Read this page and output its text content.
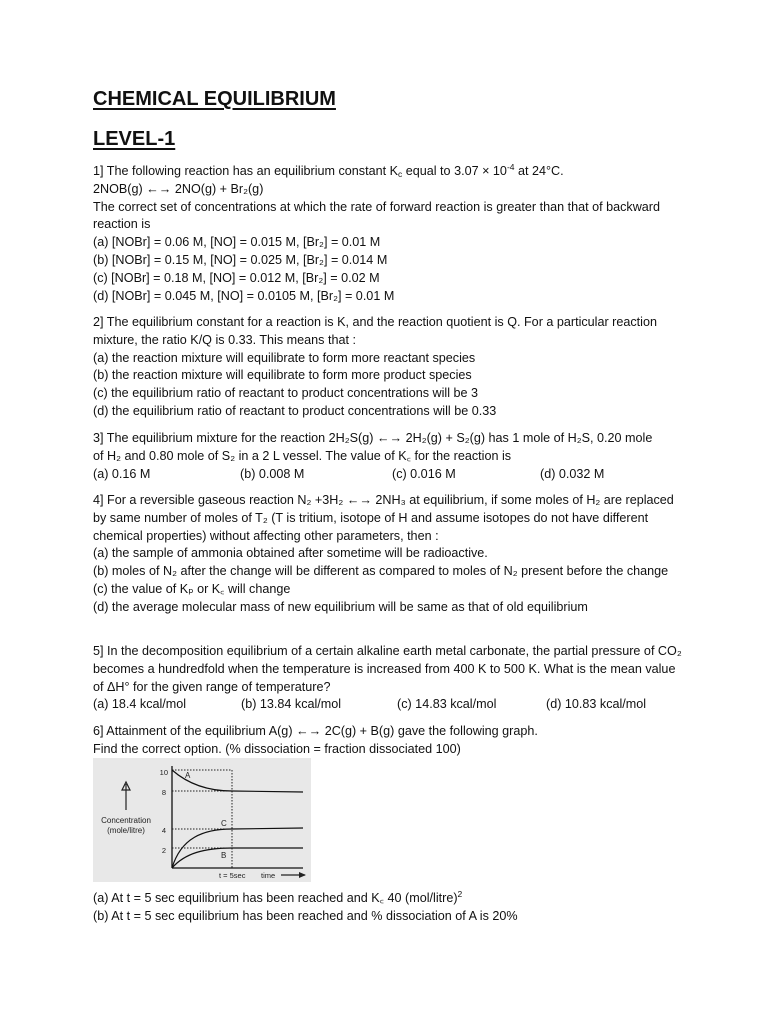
CHEMICAL EQUILIBRIUM
LEVEL-1
1] The following reaction has an equilibrium constant $K_c$ equal to $3.07 \times 10^{-4}$ at 24°C.
2NOB(g) ←→ 2NO(g) + Br₂(g)
The correct set of concentrations at which the rate of forward reaction is greater than that of backward reaction is
(a) [NOBr] = 0.06 M, [NO] = 0.015 M, [Br₂] = 0.01 M
(b) [NOBr] = 0.15 M, [NO] = 0.025 M, [Br₂] = 0.014 M
(c) [NOBr] = 0.18 M, [NO] = 0.012 M, [Br₂] = 0.02 M
(d) [NOBr] = 0.045 M, [NO] = 0.0105 M, [Br₂] = 0.01 M
2] The equilibrium constant for a reaction is K, and the reaction quotient is Q. For a particular reaction mixture, the ratio K/Q is 0.33. This means that :
(a) the reaction mixture will equilibrate to form more reactant species
(b) the reaction mixture will equilibrate to form more product species
(c) the equilibrium ratio of reactant to product concentrations will be 3
(d) the equilibrium ratio of reactant to product concentrations will be 0.33
3] The equilibrium mixture for the reaction 2H₂S(g) ←→ 2H₂(g) + S₂(g) has 1 mole of H₂S, 0.20 mole
of H₂ and 0.80 mole of S₂ in a 2 L vessel. The value of K꜀ for the reaction is
(a) 0.16 M	(b) 0.008 M	(c) 0.016 M	(d) 0.032 M
4] For a reversible gaseous reaction N₂ +3H₂ ←→ 2NH₃ at equilibrium, if some moles of H₂ are replaced by same number of moles of T₂ (T is tritium, isotope of H and assume isotopes do not have different chemical properties) without affecting other parameters, then :
(a) the sample of ammonia obtained after sometime will be radioactive.
(b) moles of N₂ after the change will be different as compared to moles of N₂ present before the change
(c) the value of Kₚ or K꜀ will change
(d) the average molecular mass of new equilibrium will be same as that of old equilibrium
5] In the decomposition equilibrium of a certain alkaline earth metal carbonate, the partial pressure of CO₂ becomes a hundredfold when the temperature is increased from 400 K to 500 K. What is the mean value of ΔH° for the given range of temperature?
(a) 18.4 kcal/mol	(b) 13.84 kcal/mol	(c) 14.83 kcal/mol	(d) 10.83 kcal/mol
6] Attainment of the equilibrium A(g) ←→ 2C(g) + B(g) gave the following graph.
Find the correct option. (% dissociation = fraction dissociated 100)
Concentration
(mole/litre)
10
8
4
2
A
C
B
t = 5sec time
(a) At t = 5 sec equilibrium has been reached and K꜀ 40 (mol/litre)$^2$
(b) At t = 5 sec equilibrium has been reached and % dissociation of A is 20%
